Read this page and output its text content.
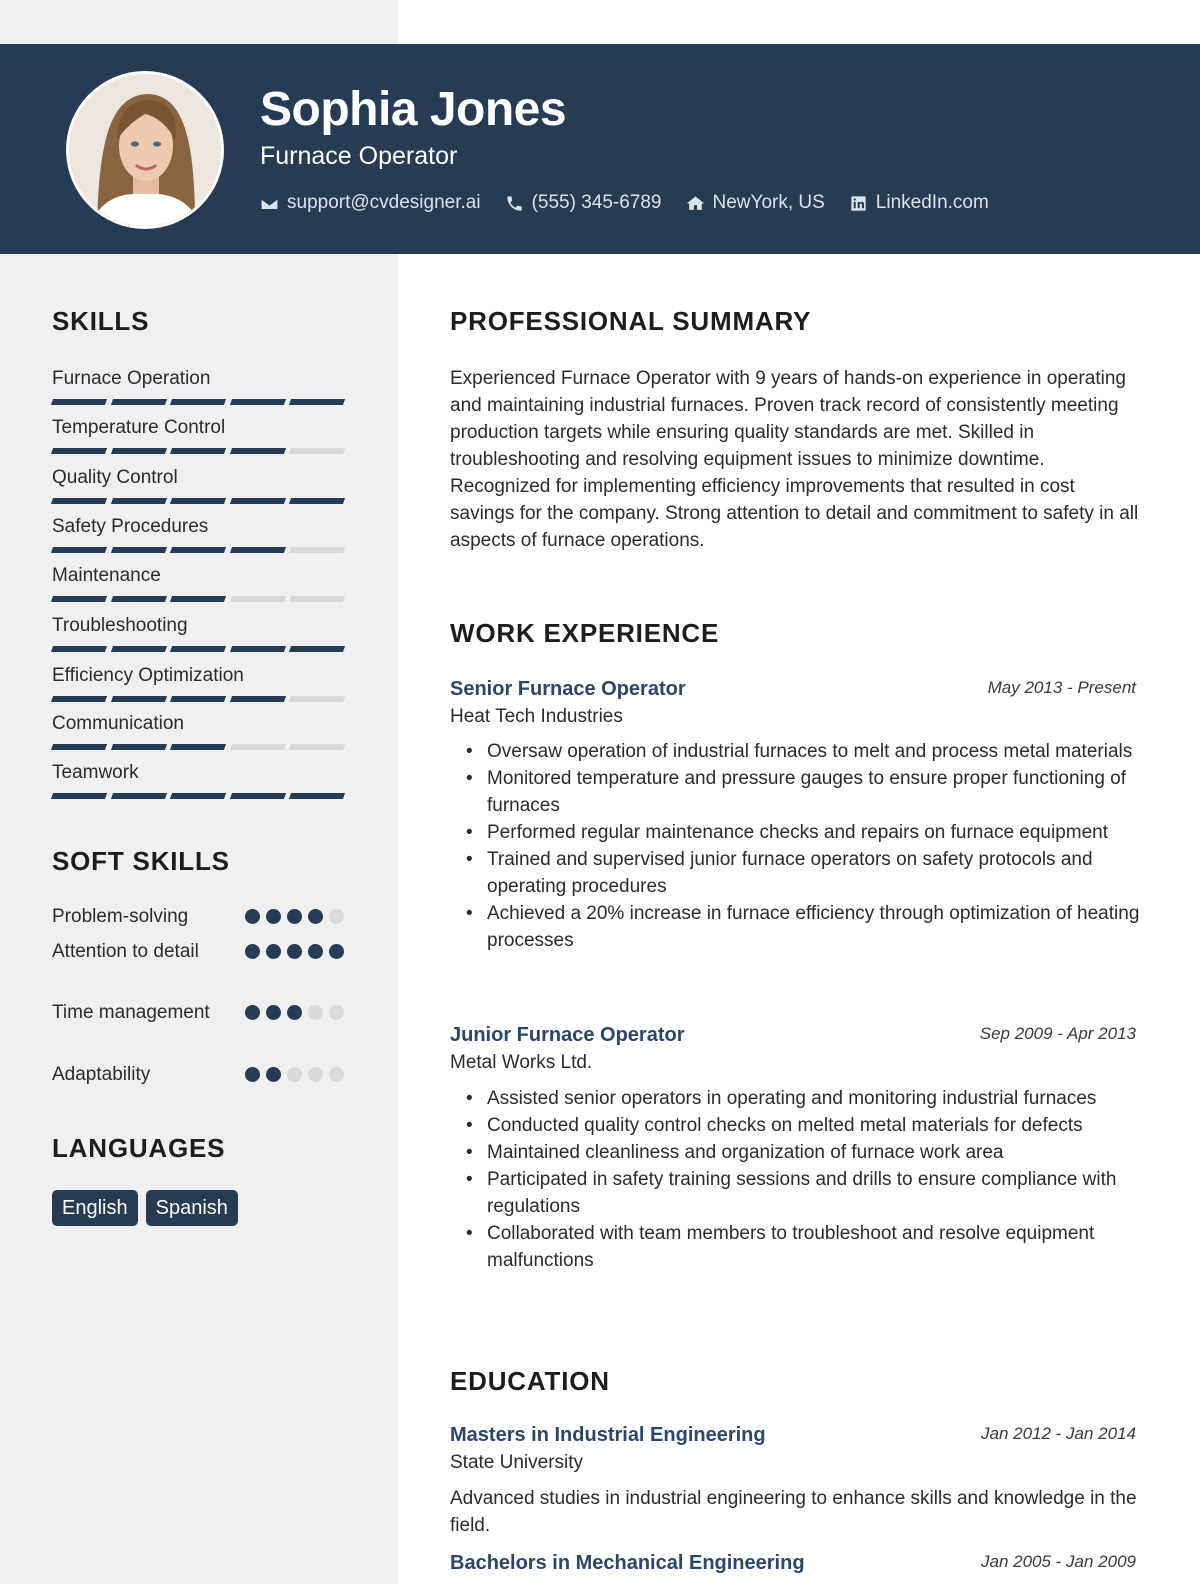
Sophia Jones
Furnace Operator
support@cvdesigner.ai	(555) 345-6789	NewYork, US	LinkedIn.com
SKILLS
Furnace Operation
Temperature Control
Quality Control
Safety Procedures
Maintenance
Troubleshooting
Efficiency Optimization
Communication
Teamwork
SOFT SKILLS
Problem-solving
Attention to detail
Time management
Adaptability
LANGUAGES
English	Spanish
PROFESSIONAL SUMMARY
Experienced Furnace Operator with 9 years of hands-on experience in operating and maintaining industrial furnaces. Proven track record of consistently meeting production targets while ensuring quality standards are met. Skilled in troubleshooting and resolving equipment issues to minimize downtime. Recognized for implementing efficiency improvements that resulted in cost savings for the company. Strong attention to detail and commitment to safety in all aspects of furnace operations.
WORK EXPERIENCE
Senior Furnace Operator	May 2013 - Present
Heat Tech Industries
• Oversaw operation of industrial furnaces to melt and process metal materials
• Monitored temperature and pressure gauges to ensure proper functioning of furnaces
• Performed regular maintenance checks and repairs on furnace equipment
• Trained and supervised junior furnace operators on safety protocols and operating procedures
• Achieved a 20% increase in furnace efficiency through optimization of heating processes
Junior Furnace Operator	Sep 2009 - Apr 2013
Metal Works Ltd.
• Assisted senior operators in operating and monitoring industrial furnaces
• Conducted quality control checks on melted metal materials for defects
• Maintained cleanliness and organization of furnace work area
• Participated in safety training sessions and drills to ensure compliance with regulations
• Collaborated with team members to troubleshoot and resolve equipment malfunctions
EDUCATION
Masters in Industrial Engineering	Jan 2012 - Jan 2014
State University
Advanced studies in industrial engineering to enhance skills and knowledge in the field.
Bachelors in Mechanical Engineering	Jan 2005 - Jan 2009
